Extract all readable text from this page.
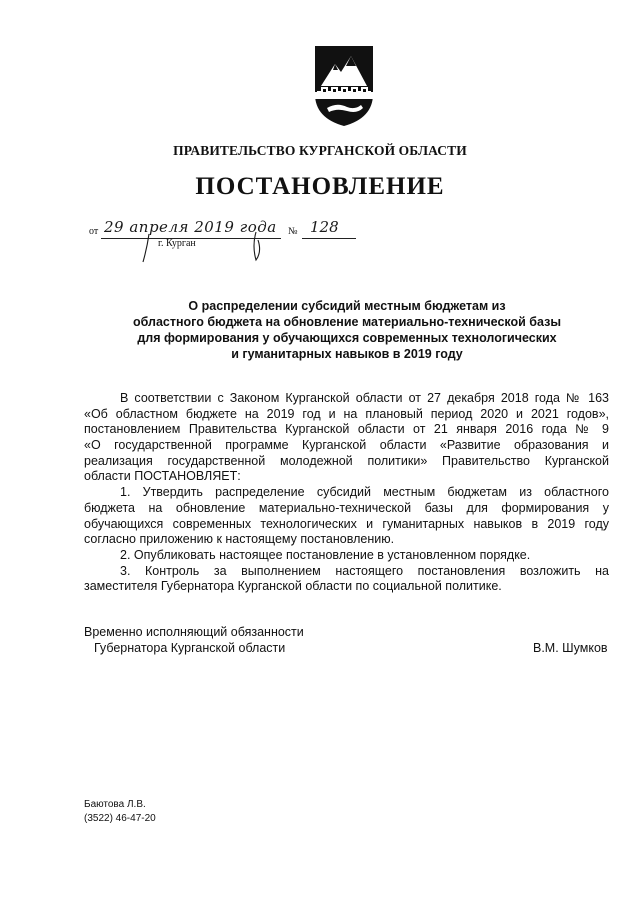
ПРАВИТЕЛЬСТВО КУРГАНСКОЙ ОБЛАСТИ
ПОСТАНОВЛЕНИЕ
от 29 апреля 2019 года № 128
г. Курган
О распределении субсидий местным бюджетам из
областного бюджета на обновление материально-технической базы
для формирования у обучающихся современных технологических
и гуманитарных навыков в 2019 году
В соответствии с Законом Курганской области от 27 декабря 2018 года № 163
«Об областном бюджете на 2019 год и на плановый период 2020 и 2021 годов»,
постановлением Правительства Курганской области от 21 января 2016 года № 9
«О государственной программе Курганской области «Развитие образования и
реализация государственной молодежной политики» Правительство Курганской
области ПОСТАНОВЛЯЕТ:
1. Утвердить распределение субсидий местным бюджетам из областного
бюджета на обновление материально-технической базы для формирования у
обучающихся современных технологических и гуманитарных навыков в 2019 году
согласно приложению к настоящему постановлению.
2. Опубликовать настоящее постановление в установленном порядке.
3. Контроль за выполнением настоящего постановления возложить на
заместителя Губернатора Курганской области по социальной политике.
Временно исполняющий обязанности
Губернатора Курганской области	В.М. Шумков
Баютова Л.В.
(3522) 46-47-20
